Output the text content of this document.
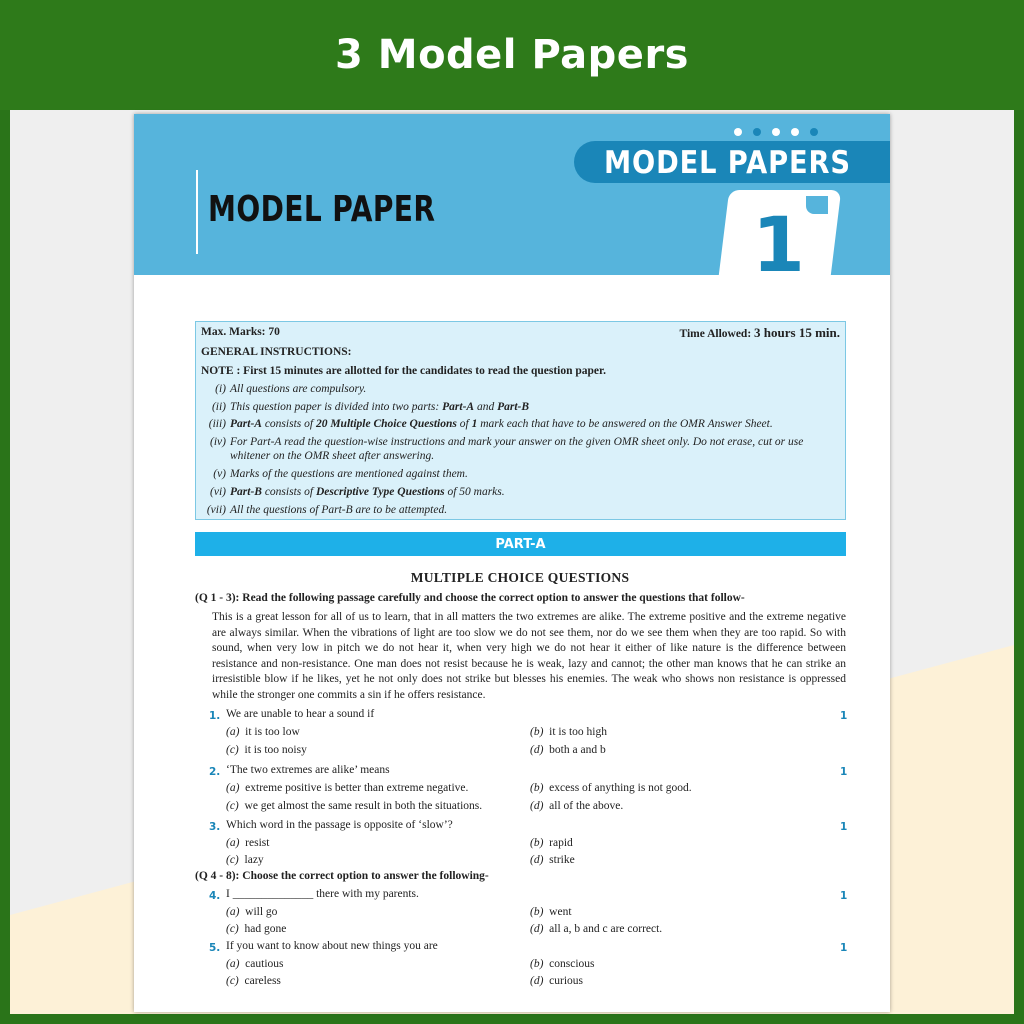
3 Model Papers
MODEL PAPER
MODEL PAPERS
1
Max. Marks: 70	Time Allowed: 3 hours 15 min.
GENERAL INSTRUCTIONS:
NOTE : First 15 minutes are allotted for the candidates to read the question paper.
(i) All questions are compulsory.
(ii) This question paper is divided into two parts: Part-A and Part-B
(iii) Part-A consists of 20 Multiple Choice Questions of 1 mark each that have to be answered on the OMR Answer Sheet.
(iv) For Part-A read the question-wise instructions and mark your answer on the given OMR sheet only. Do not erase, cut or use
whitener on the OMR sheet after answering.
(v) Marks of the questions are mentioned against them.
(vi) Part-B consists of Descriptive Type Questions of 50 marks.
(vii) All the questions of Part-B are to be attempted.
PART-A
MULTIPLE CHOICE QUESTIONS
(Q 1 - 3): Read the following passage carefully and choose the correct option to answer the questions that follow-
This is a great lesson for all of us to learn, that in all matters the two extremes are alike. The extreme positive and the extreme negative are always similar. When the vibrations of light are too slow we do not see them, nor do we see them when they are too rapid. So with sound, when very low in pitch we do not hear it, when very high we do not hear it either of like nature is the difference between resistance and non-resistance. One man does not resist because he is weak, lazy and cannot; the other man knows that he can strike an irresistible blow if he likes, yet he not only does not strike but blesses his enemies. The weak who shows non resistance is oppressed while the stronger one commits a sin if he offers resistance.
1. We are unable to hear a sound if	1
(a) it is too low	(b) it is too high
(c) it is too noisy	(d) both a and b
2. ‘The two extremes are alike’ means	1
(a) extreme positive is better than extreme negative.	(b) excess of anything is not good.
(c) we get almost the same result in both the situations.	(d) all of the above.
3. Which word in the passage is opposite of ‘slow’?	1
(a) resist	(b) rapid
(c) lazy	(d) strike
(Q 4 - 8): Choose the correct option to answer the following-
4. I ______________ there with my parents.	1
(a) will go	(b) went
(c) had gone	(d) all a, b and c are correct.
5. If you want to know about new things you are	1
(a) cautious	(b) conscious
(c) careless	(d) curious
